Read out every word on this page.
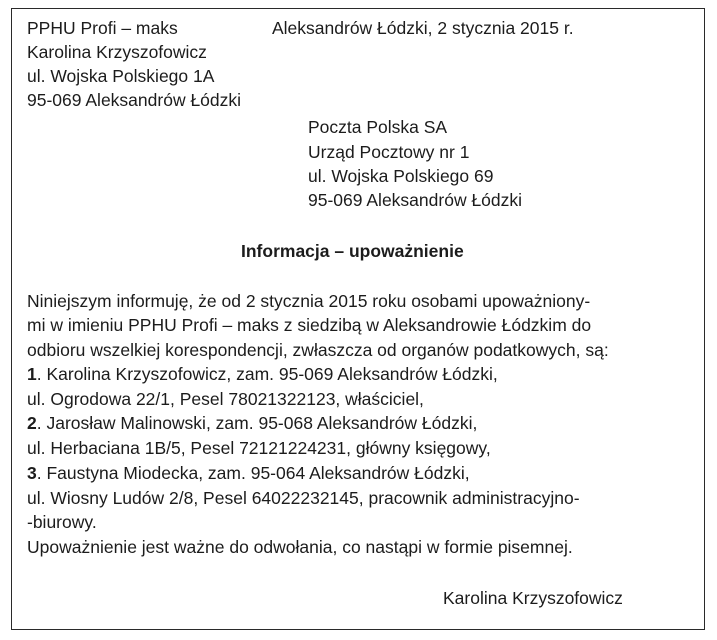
PPHU Profi – maks
Karolina Krzyszofowicz
ul. Wojska Polskiego 1A
95-069 Aleksandrów Łódzki
Aleksandrów Łódzki, 2 stycznia 2015 r.
Poczta Polska SA
Urząd Pocztowy nr 1
ul. Wojska Polskiego 69
95-069 Aleksandrów Łódzki
Informacja – upoważnienie
Niniejszym informuję, że od 2 stycznia 2015 roku osobami upoważniony-
mi w imieniu PPHU Profi – maks z siedzibą w Aleksandrowie Łódzkim do
odbioru wszelkiej korespondencji, zwłaszcza od organów podatkowych, są:
1. Karolina Krzyszofowicz, zam. 95-069 Aleksandrów Łódzki,
ul. Ogrodowa 22/1, Pesel 78021322123, właściciel,
2. Jarosław Malinowski, zam. 95-068 Aleksandrów Łódzki,
ul. Herbaciana 1B/5, Pesel 72121224231, główny księgowy,
3. Faustyna Miodecka, zam. 95-064 Aleksandrów Łódzki,
ul. Wiosny Ludów 2/8, Pesel 64022232145, pracownik administracyjno-
-biurowy.
Upoważnienie jest ważne do odwołania, co nastąpi w formie pisemnej.
Karolina Krzyszofowicz
